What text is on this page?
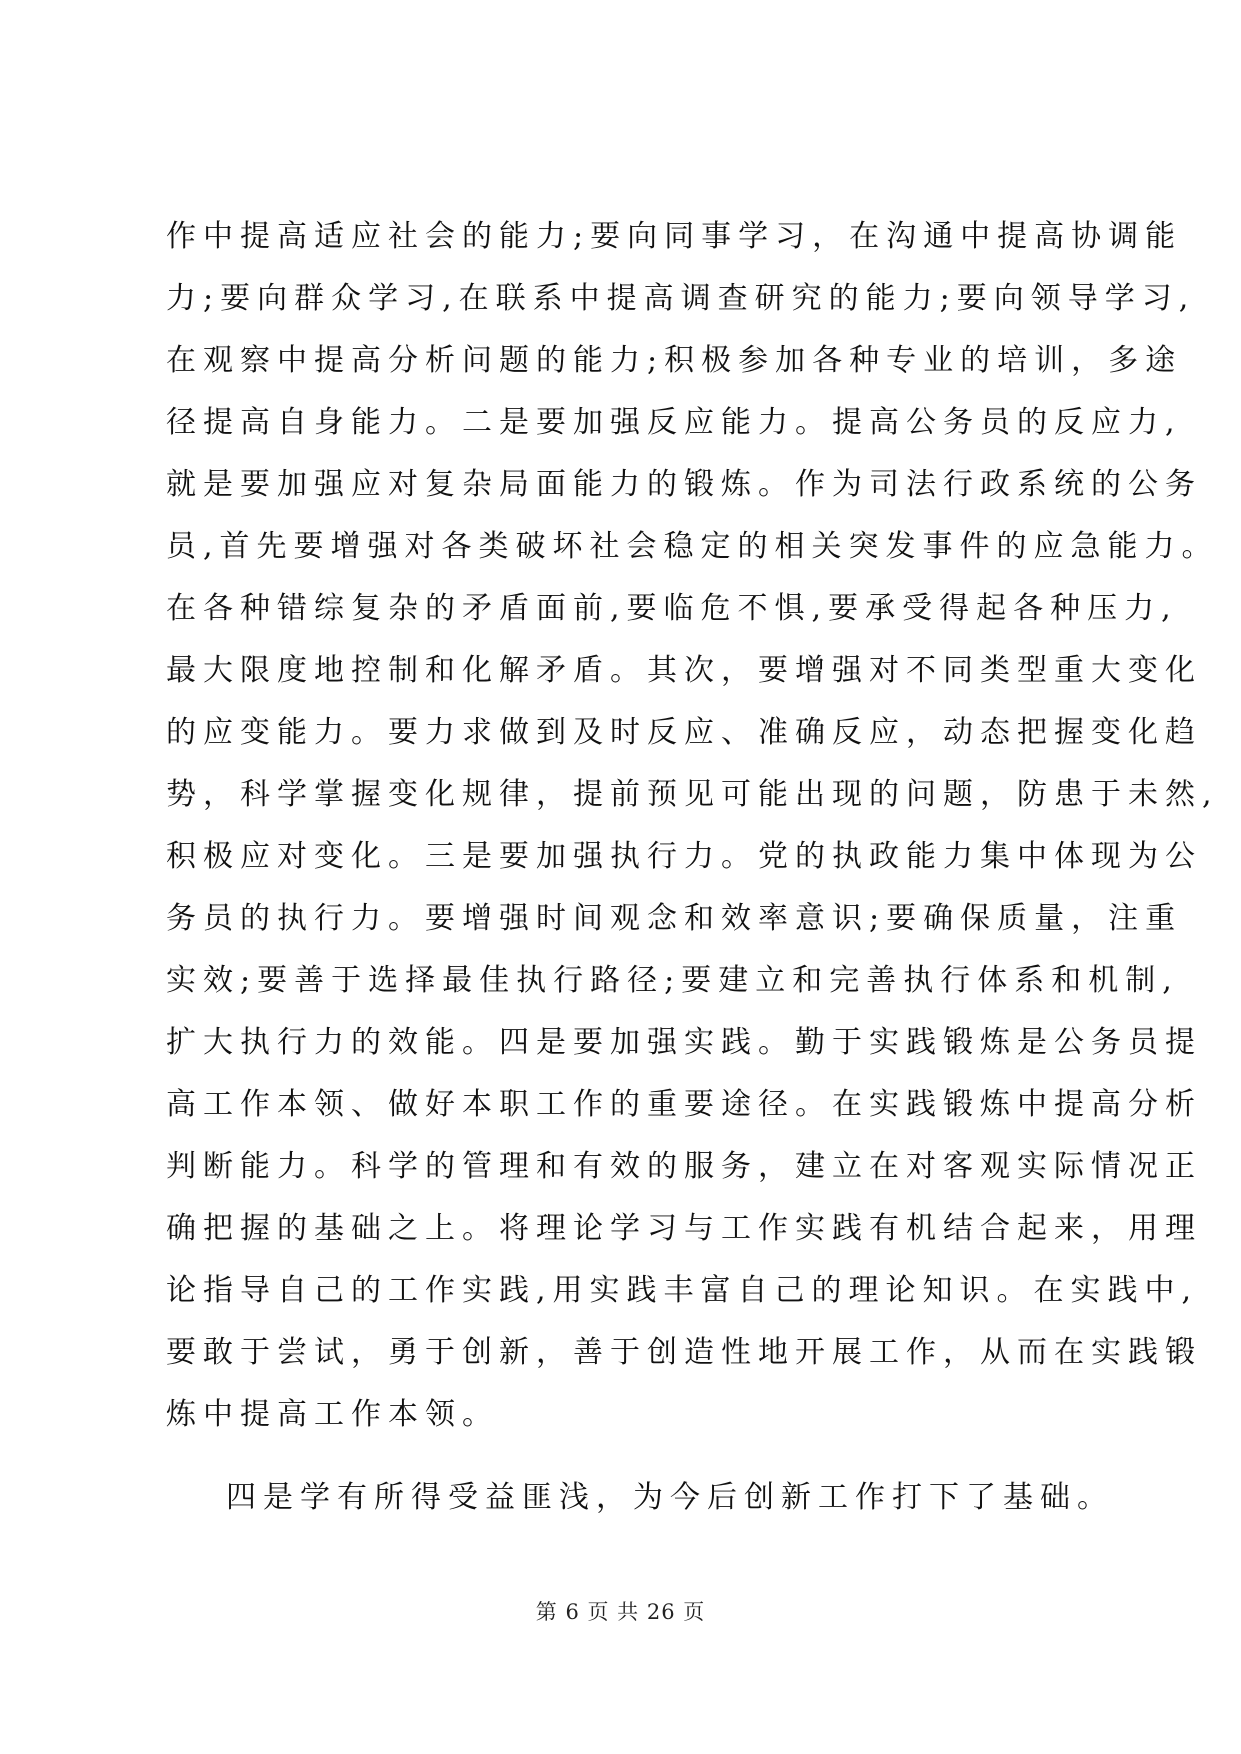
作中提高适应社会的能力;要向同事学习，在沟通中提高协调能
力;要向群众学习,在联系中提高调查研究的能力;要向领导学习,
在观察中提高分析问题的能力;积极参加各种专业的培训，多途
径提高自身能力。二是要加强反应能力。提高公务员的反应力,
就是要加强应对复杂局面能力的锻炼。作为司法行政系统的公务
员,首先要增强对各类破坏社会稳定的相关突发事件的应急能力。
在各种错综复杂的矛盾面前,要临危不惧,要承受得起各种压力,
最大限度地控制和化解矛盾。其次，要增强对不同类型重大变化
的应变能力。要力求做到及时反应、准确反应，动态把握变化趋
势，科学掌握变化规律，提前预见可能出现的问题，防患于未然,
积极应对变化。三是要加强执行力。党的执政能力集中体现为公
务员的执行力。要增强时间观念和效率意识;要确保质量，注重
实效;要善于选择最佳执行路径;要建立和完善执行体系和机制,
扩大执行力的效能。四是要加强实践。勤于实践锻炼是公务员提
高工作本领、做好本职工作的重要途径。在实践锻炼中提高分析
判断能力。科学的管理和有效的服务，建立在对客观实际情况正
确把握的基础之上。将理论学习与工作实践有机结合起来，用理
论指导自己的工作实践,用实践丰富自己的理论知识。在实践中,
要敢于尝试，勇于创新，善于创造性地开展工作，从而在实践锻
炼中提高工作本领。
四是学有所得受益匪浅，为今后创新工作打下了基础。
第 6 页 共 26 页
